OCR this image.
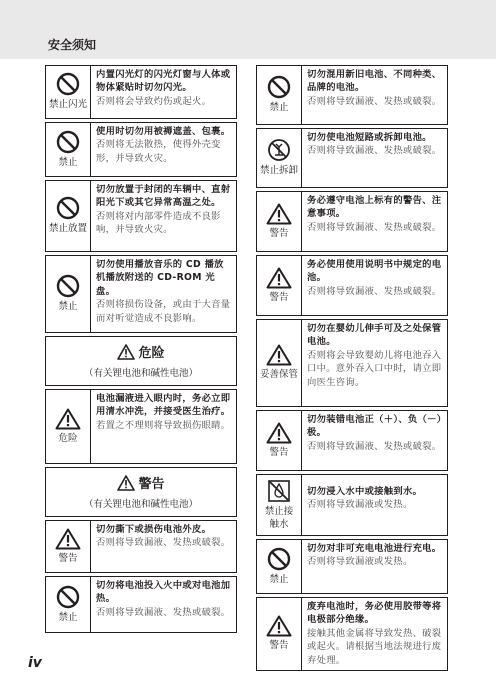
安全须知
禁止闪光
内置闪光灯的闪光灯窗与人体或物体紧贴时切勿闪光。
否则将会导致灼伤或起火。
禁止
使用时切勿用被褥遮盖、包裹。
否则将无法散热，使得外壳变形，并导致火灾。
禁止放置
切勿放置于封闭的车辆中、直射阳光下或其它异常高温之处。
否则将对内部零件造成不良影响，并导致火灾。
禁止
切勿使用播放音乐的 CD 播放机播放附送的 CD-ROM 光盘。
否则将损伤设备，或由于大音量而对听觉造成不良影响。
危险
（有关锂电池和碱性电池）
危险
电池漏液进入眼内时，务必立即用清水冲洗，并接受医生治疗。
若置之不理则将导致损伤眼睛。
警告
（有关锂电池和碱性电池）
警告
切勿撕下或损伤电池外皮。
否则将导致漏液、发热或破裂。
禁止
切勿将电池投入火中或对电池加热。
否则将导致漏液、发热或破裂。
禁止
切勿混用新旧电池、不同种类、品牌的电池。
否则将导致漏液、发热或破裂。
禁止拆卸
切勿使电池短路或拆卸电池。
否则将导致漏液、发热或破裂。
警告
务必遵守电池上标有的警告、注意事项。
否则将导致漏液、发热或破裂。
警告
务必使用使用说明书中规定的电池。
否则将导致漏液、发热或破裂。
妥善保管
切勿在婴幼儿伸手可及之处保管电池。
否则将会导致婴幼儿将电池吞入口中。意外吞入口中时，请立即向医生咨询。
警告
切勿装错电池正（＋）、负（－）极。
否则将导致漏液、发热或破裂。
禁止接触水
切勿浸入水中或接触到水。
否则将导致漏液或发热。
禁止
切勿对非可充电电池进行充电。
否则将导致漏液或发热。
警告
废弃电池时，务必使用胶带等将电极部分绝缘。
接触其他金属将导致发热、破裂或起火。请根据当地法规进行废弃处理。
iv
